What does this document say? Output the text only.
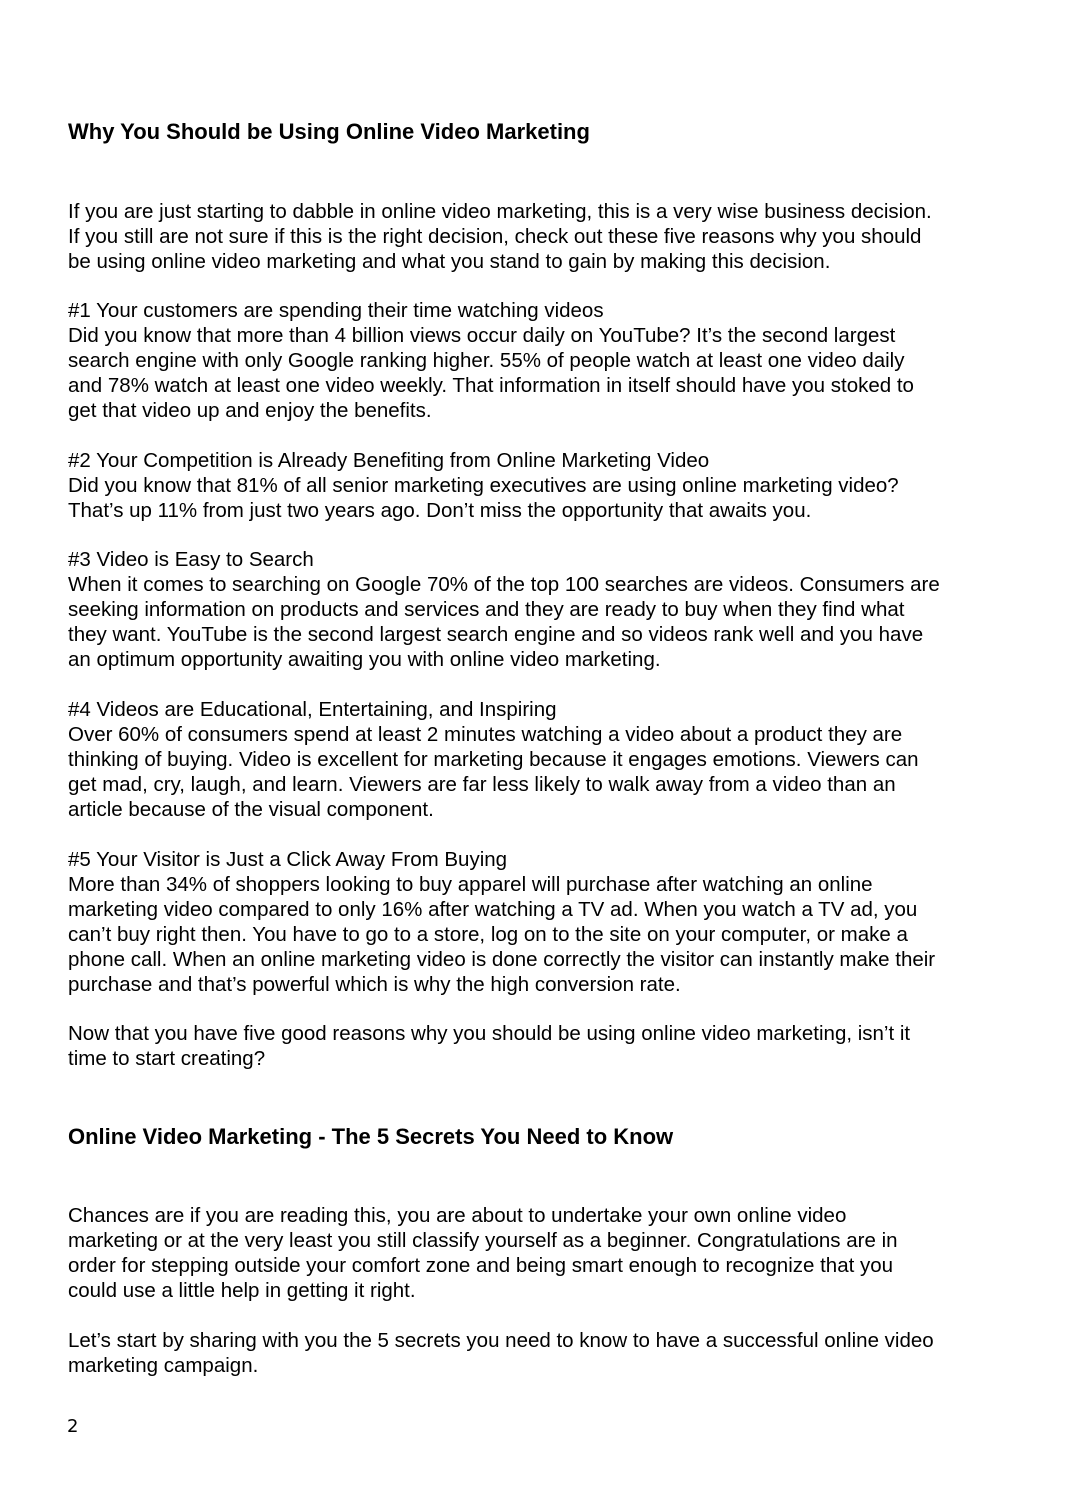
Why You Should be Using Online Video Marketing
If you are just starting to dabble in online video marketing, this is a very wise business decision.
If you still are not sure if this is the right decision, check out these five reasons why you should
be using online video marketing and what you stand to gain by making this decision.
#1 Your customers are spending their time watching videos
Did you know that more than 4 billion views occur daily on YouTube? It’s the second largest
search engine with only Google ranking higher. 55% of people watch at least one video daily
and 78% watch at least one video weekly. That information in itself should have you stoked to
get that video up and enjoy the benefits.
#2 Your Competition is Already Benefiting from Online Marketing Video
Did you know that 81% of all senior marketing executives are using online marketing video?
That’s up 11% from just two years ago. Don’t miss the opportunity that awaits you.
#3 Video is Easy to Search
When it comes to searching on Google 70% of the top 100 searches are videos. Consumers are
seeking information on products and services and they are ready to buy when they find what
they want. YouTube is the second largest search engine and so videos rank well and you have
an optimum opportunity awaiting you with online video marketing.
#4 Videos are Educational, Entertaining, and Inspiring
Over 60% of consumers spend at least 2 minutes watching a video about a product they are
thinking of buying. Video is excellent for marketing because it engages emotions. Viewers can
get mad, cry, laugh, and learn. Viewers are far less likely to walk away from a video than an
article because of the visual component.
#5 Your Visitor is Just a Click Away From Buying
More than 34% of shoppers looking to buy apparel will purchase after watching an online
marketing video compared to only 16% after watching a TV ad. When you watch a TV ad, you
can’t buy right then. You have to go to a store, log on to the site on your computer, or make a
phone call. When an online marketing video is done correctly the visitor can instantly make their
purchase and that’s powerful which is why the high conversion rate.
Now that you have five good reasons why you should be using online video marketing, isn’t it
time to start creating?
Online Video Marketing - The 5 Secrets You Need to Know
Chances are if you are reading this, you are about to undertake your own online video
marketing or at the very least you still classify yourself as a beginner. Congratulations are in
order for stepping outside your comfort zone and being smart enough to recognize that you
could use a little help in getting it right.
Let’s start by sharing with you the 5 secrets you need to know to have a successful online video
marketing campaign.
2
